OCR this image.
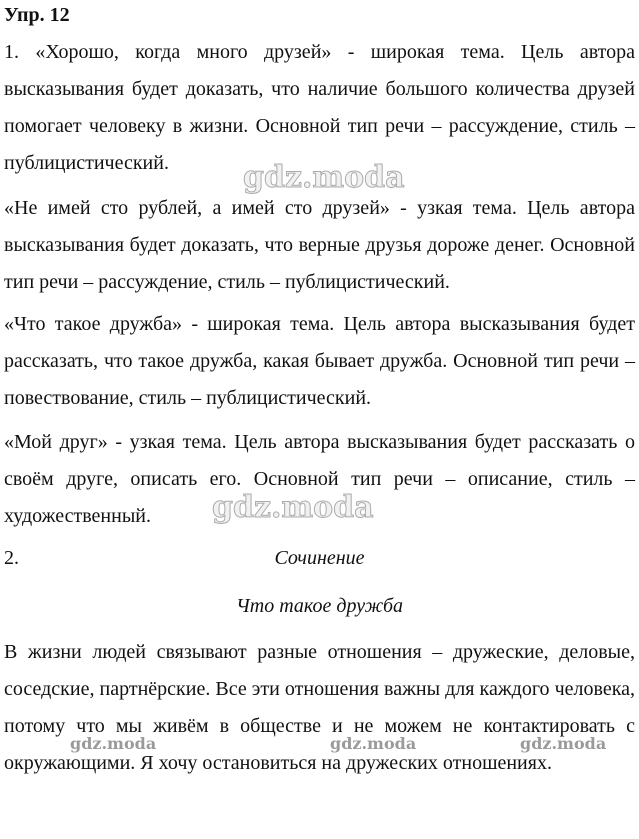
Упр. 12

1. «Хорошо, когда много друзей» - широкая тема. Цель автора высказывания будет доказать, что наличие большого количества друзей помогает человеку в жизни. Основной тип речи – рассуждение, стиль – публицистический.

«Не имей сто рублей, а имей сто друзей» - узкая тема. Цель автора высказывания будет доказать, что верные друзья дороже денег. Основной тип речи – рассуждение, стиль – публицистический.

«Что такое дружба» - широкая тема. Цель автора высказывания будет рассказать, что такое дружба, какая бывает дружба. Основной тип речи – повествование, стиль – публицистический.

«Мой друг» - узкая тема. Цель автора высказывания будет рассказать о своём друге, описать его. Основной тип речи – описание, стиль – художественный.

2.	Сочинение
Что такое дружба

В жизни людей связывают разные отношения – дружеские, деловые, соседские, партнёрские. Все эти отношения важны для каждого человека, потому что мы живём в обществе и не можем не контактировать с окружающими. Я хочу остановиться на дружеских отношениях.

gdz.moda
gdz.moda
gdz.moda	gdz.moda	gdz.moda
